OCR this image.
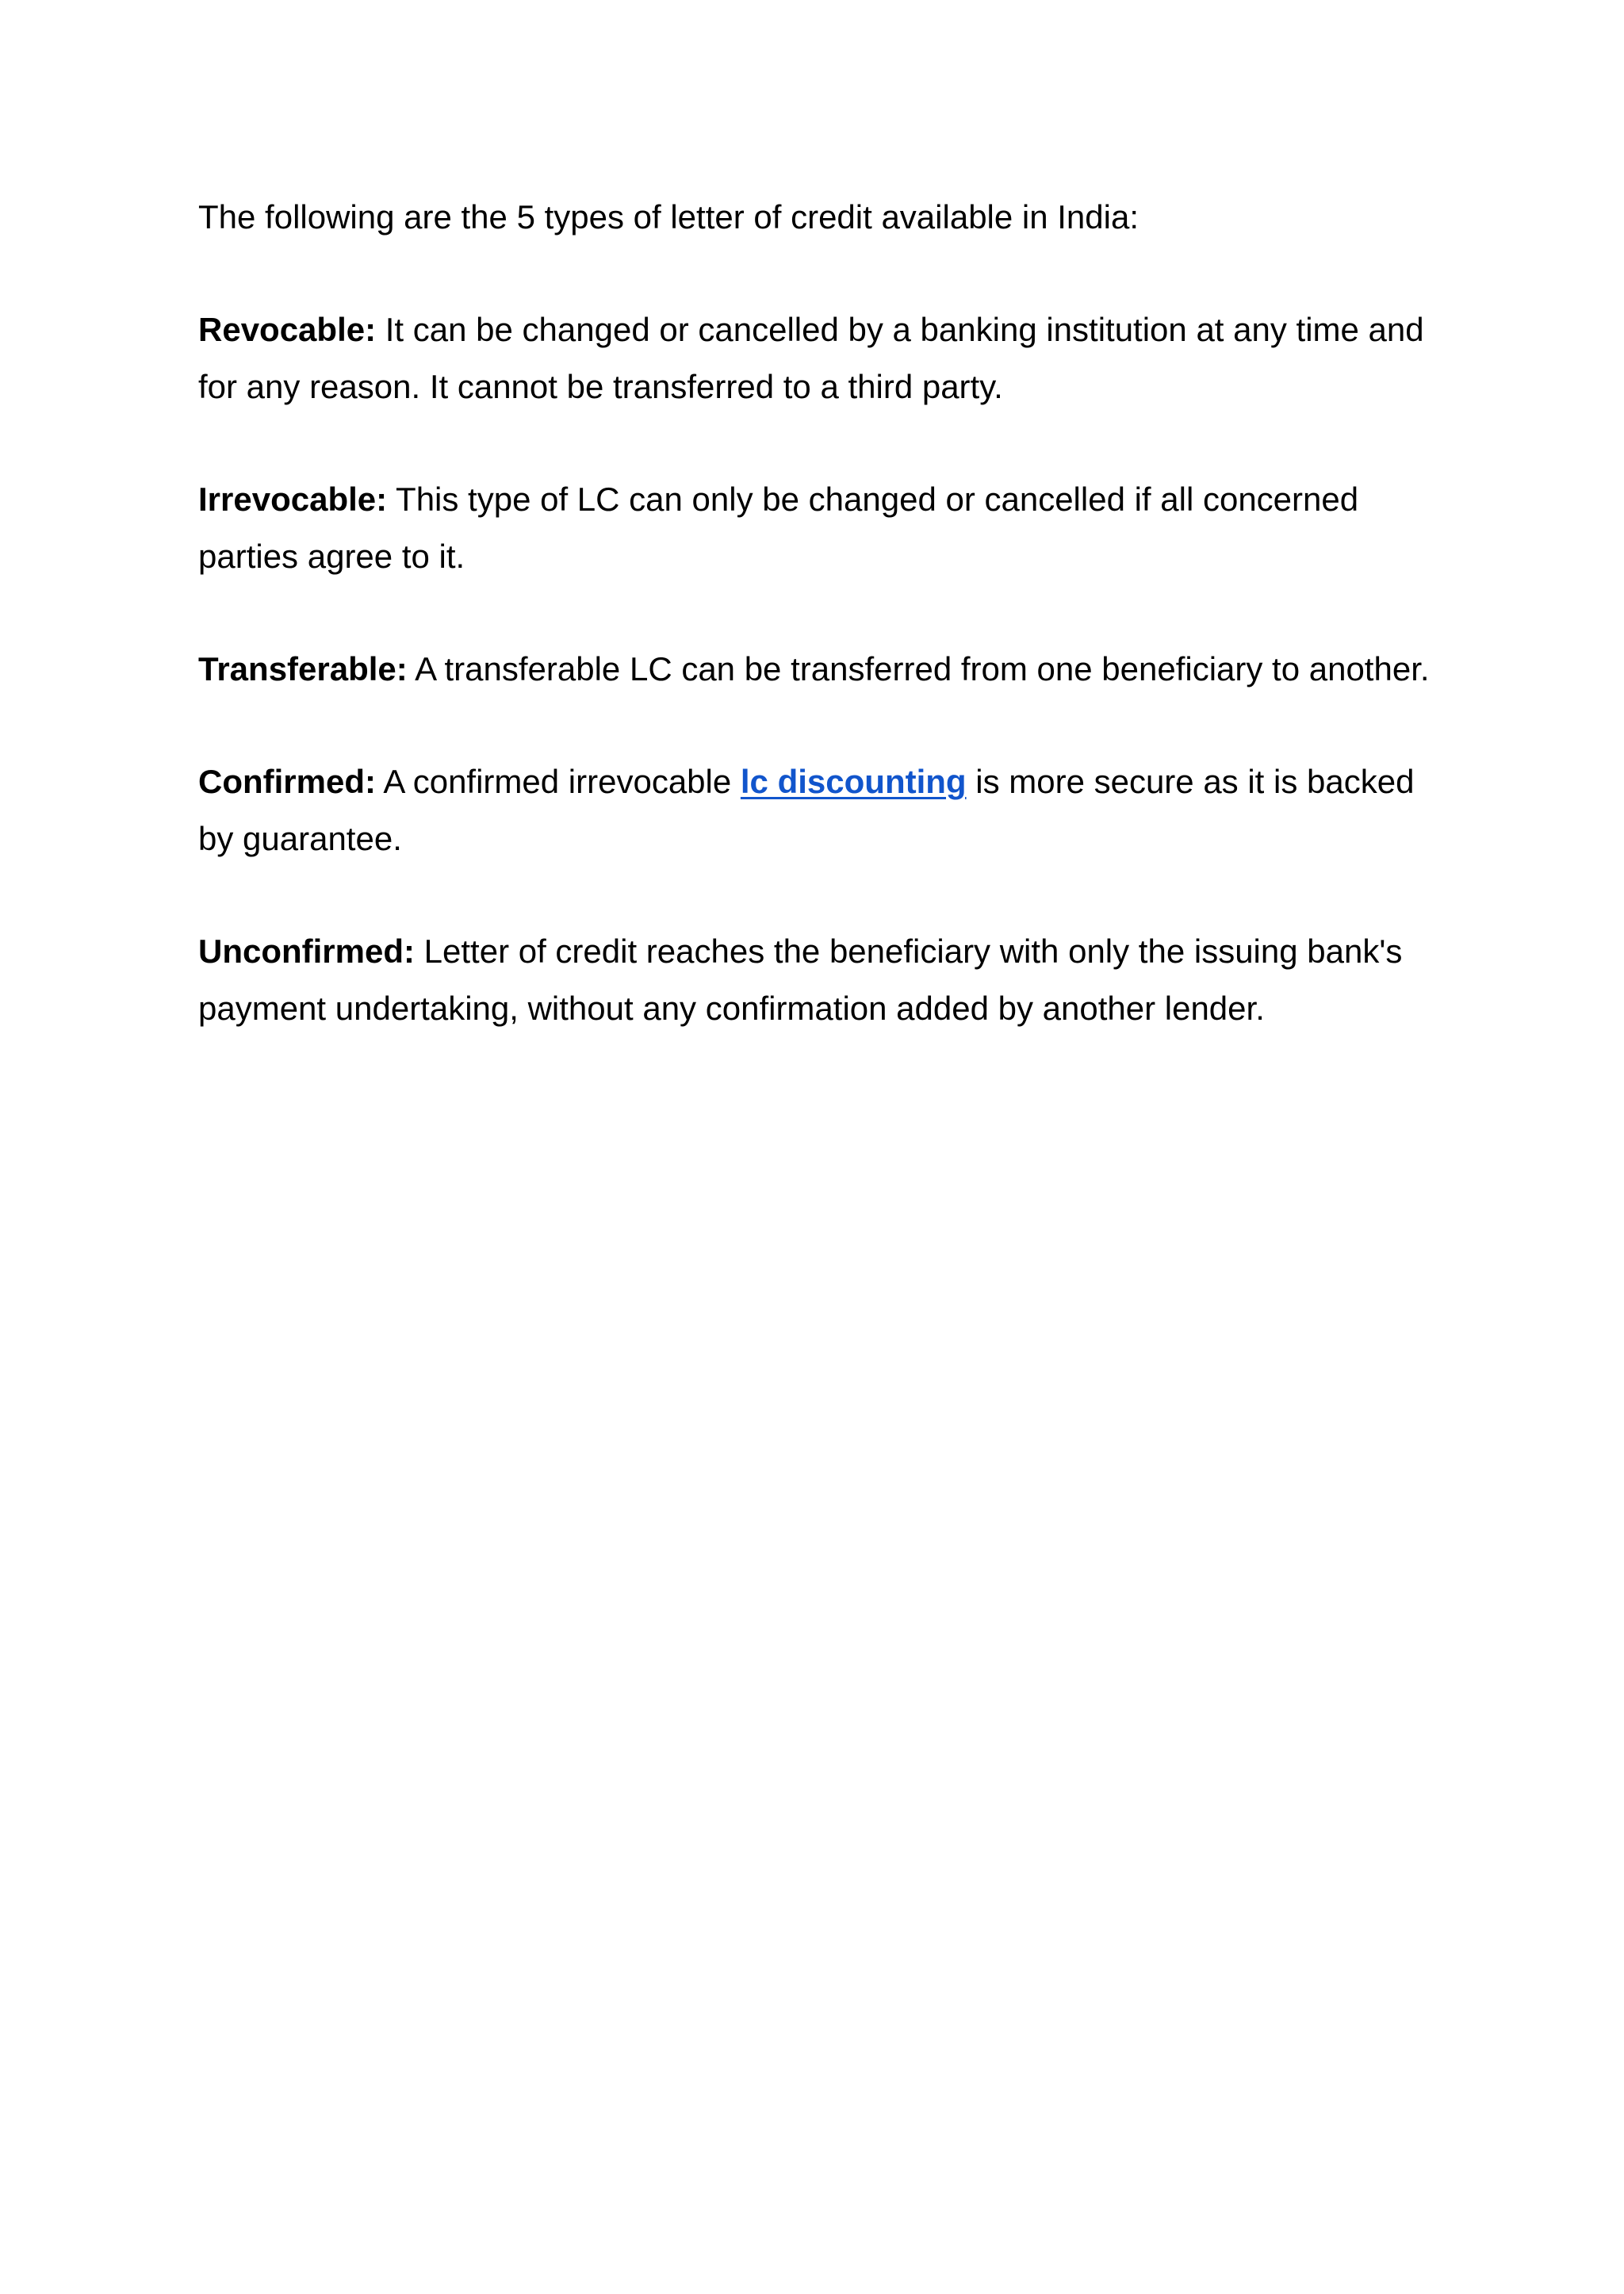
The following are the 5 types of letter of credit available in India:

Revocable: It can be changed or cancelled by a banking institution at any time and for any reason. It cannot be transferred to a third party.

Irrevocable: This type of LC can only be changed or cancelled if all concerned parties agree to it.

Transferable: A transferable LC can be transferred from one beneficiary to another.

Confirmed: A confirmed irrevocable lc discounting is more secure as it is backed by guarantee.

Unconfirmed: Letter of credit reaches the beneficiary with only the issuing bank's payment undertaking, without any confirmation added by another lender.
